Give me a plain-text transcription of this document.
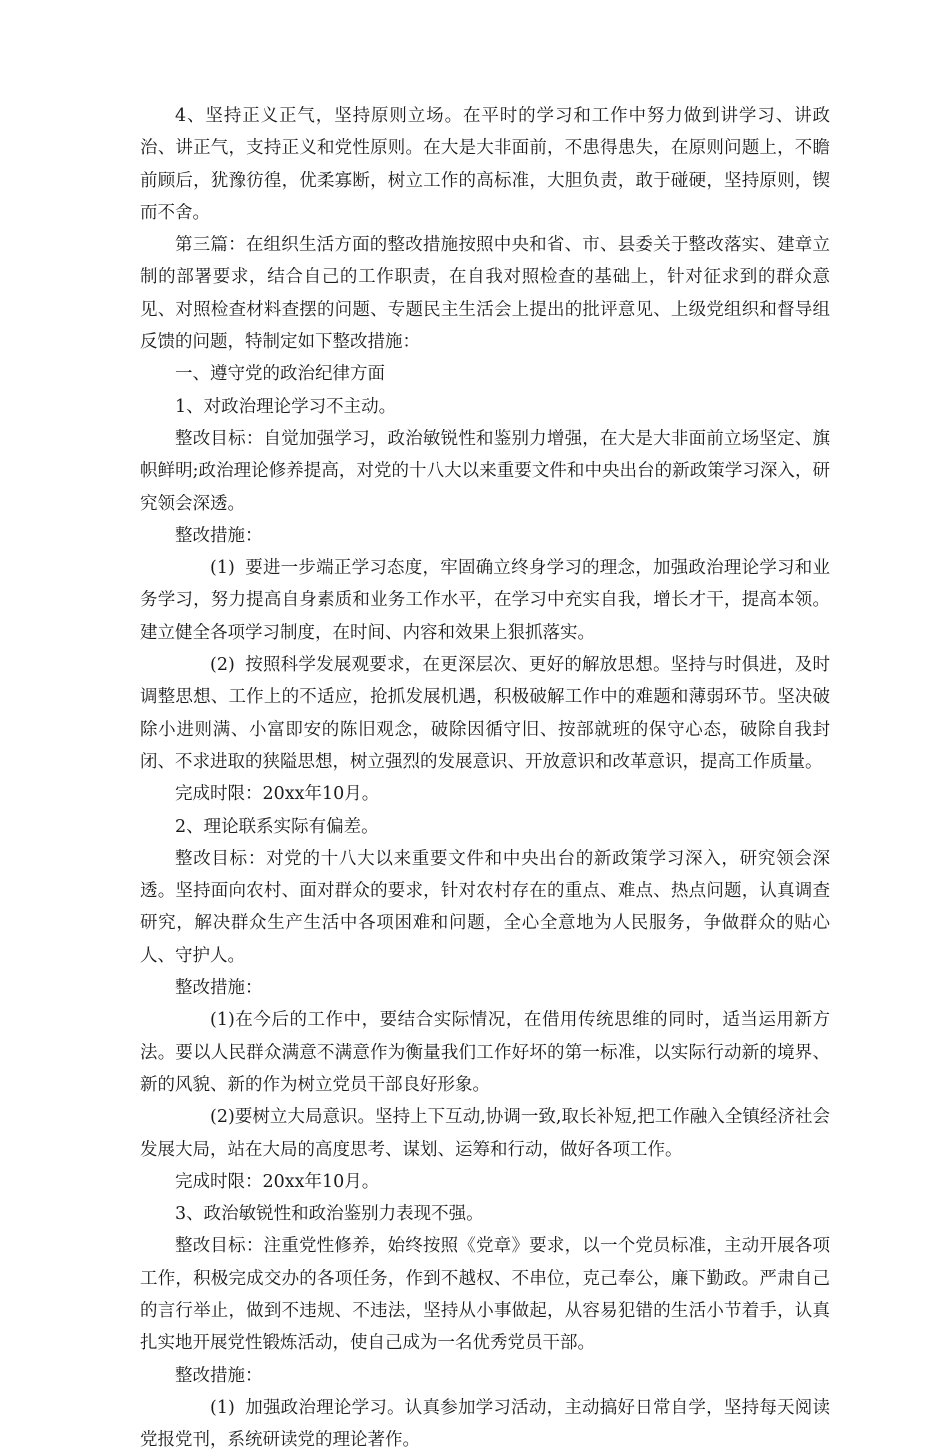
4、坚持正义正气，坚持原则立场。在平时的学习和工作中努力做到讲学习、讲政治、讲正气，支持正义和党性原则。在大是大非面前，不患得患失，在原则问题上，不瞻前顾后，犹豫彷徨，优柔寡断，树立工作的高标准，大胆负责，敢于碰硬，坚持原则，锲而不舍。

第三篇：在组织生活方面的整改措施按照中央和省、市、县委关于整改落实、建章立制的部署要求，结合自己的工作职责，在自我对照检查的基础上，针对征求到的群众意见、对照检查材料查摆的问题、专题民主生活会上提出的批评意见、上级党组织和督导组反馈的问题，特制定如下整改措施：

一、遵守党的政治纪律方面

1、对政治理论学习不主动。

整改目标：自觉加强学习，政治敏锐性和鉴别力增强，在大是大非面前立场坚定、旗帜鲜明;政治理论修养提高，对党的十八大以来重要文件和中央出台的新政策学习深入，研究领会深透。

整改措施：

(1) 要进一步端正学习态度，牢固确立终身学习的理念，加强政治理论学习和业务学习，努力提高自身素质和业务工作水平，在学习中充实自我，增长才干，提高本领。建立健全各项学习制度，在时间、内容和效果上狠抓落实。

(2) 按照科学发展观要求，在更深层次、更好的解放思想。坚持与时俱进，及时调整思想、工作上的不适应，抢抓发展机遇，积极破解工作中的难题和薄弱环节。坚决破除小进则满、小富即安的陈旧观念，破除因循守旧、按部就班的保守心态，破除自我封闭、不求进取的狭隘思想，树立强烈的发展意识、开放意识和改革意识，提高工作质量。

完成时限：20xx年10月。

2、理论联系实际有偏差。

整改目标：对党的十八大以来重要文件和中央出台的新政策学习深入，研究领会深透。坚持面向农村、面对群众的要求，针对农村存在的重点、难点、热点问题，认真调查研究，解决群众生产生活中各项困难和问题，全心全意地为人民服务，争做群众的贴心人、守护人。

整改措施：

(1)在今后的工作中，要结合实际情况，在借用传统思维的同时，适当运用新方法。要以人民群众满意不满意作为衡量我们工作好坏的第一标准，以实际行动新的境界、新的风貌、新的作为树立党员干部良好形象。

(2)要树立大局意识。坚持上下互动,协调一致,取长补短,把工作融入全镇经济社会发展大局，站在大局的高度思考、谋划、运筹和行动，做好各项工作。

完成时限：20xx年10月。

3、政治敏锐性和政治鉴别力表现不强。

整改目标：注重党性修养，始终按照《党章》要求，以一个党员标准，主动开展各项工作，积极完成交办的各项任务，作到不越权、不串位，克己奉公，廉下勤政。严肃自己的言行举止，做到不违规、不违法，坚持从小事做起，从容易犯错的生活小节着手，认真扎实地开展党性锻炼活动，使自己成为一名优秀党员干部。

整改措施：

(1) 加强政治理论学习。认真参加学习活动，主动搞好日常自学，坚持每天阅读党报党刊，系统研读党的理论著作。
